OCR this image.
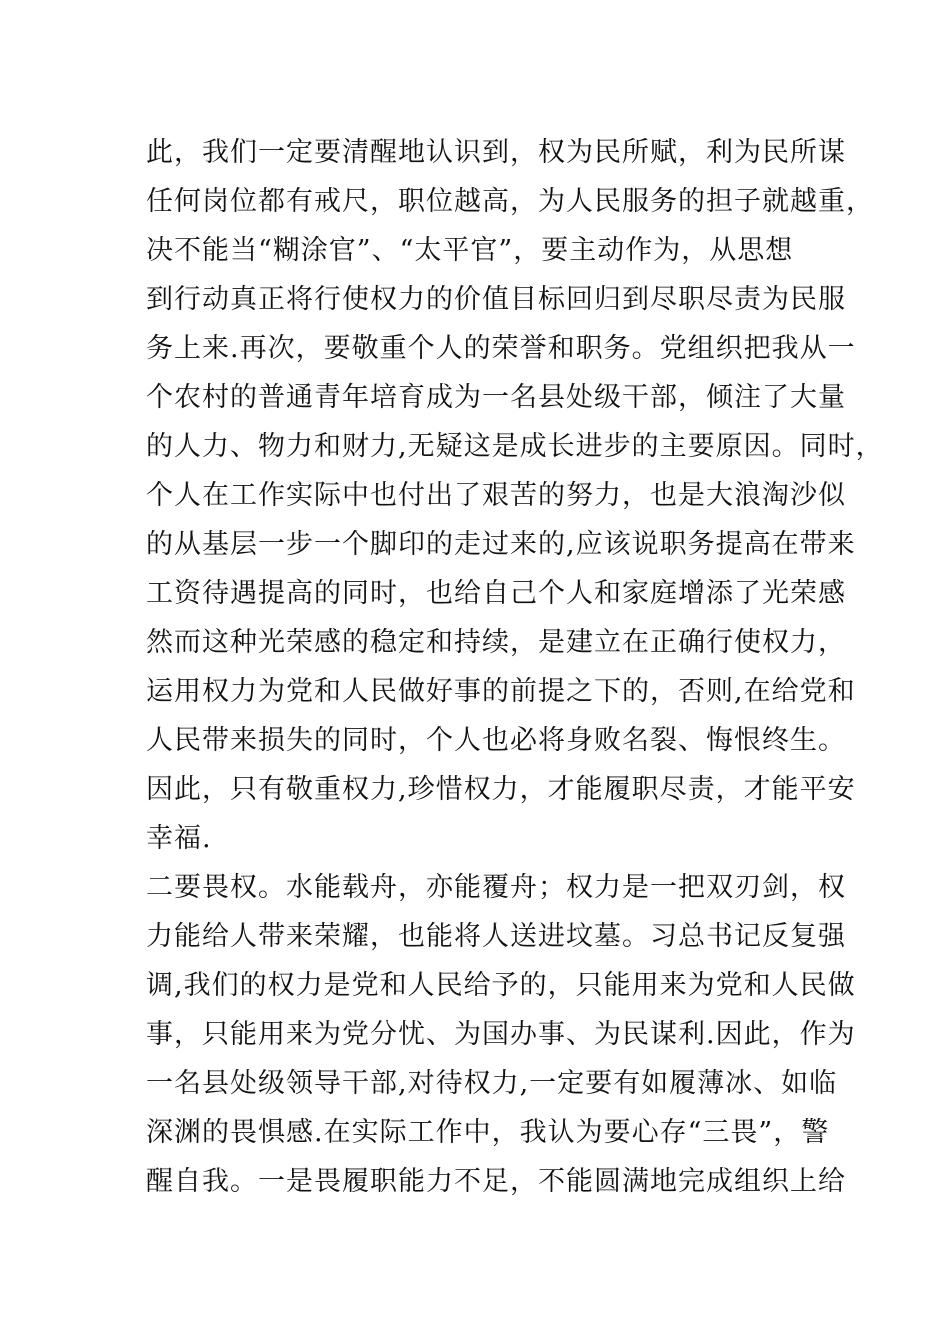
此，我们一定要清醒地认识到，权为民所赋，利为民所谋
任何岗位都有戒尺，职位越高，为人民服务的担子就越重，
决不能当“糊涂官”、“太平官”，要主动作为，从思想
到行动真正将行使权力的价值目标回归到尽职尽责为民服
务上来.再次，要敬重个人的荣誉和职务。党组织把我从一
个农村的普通青年培育成为一名县处级干部，倾注了大量
的人力、物力和财力,无疑这是成长进步的主要原因。同时，
个人在工作实际中也付出了艰苦的努力，也是大浪淘沙似
的从基层一步一个脚印的走过来的,应该说职务提高在带来
工资待遇提高的同时，也给自己个人和家庭增添了光荣感
然而这种光荣感的稳定和持续，是建立在正确行使权力，
运用权力为党和人民做好事的前提之下的，否则,在给党和
人民带来损失的同时，个人也必将身败名裂、悔恨终生。
因此，只有敬重权力,珍惜权力，才能履职尽责，才能平安
幸福.
二要畏权。水能载舟，亦能覆舟；权力是一把双刃剑，权
力能给人带来荣耀，也能将人送进坟墓。习总书记反复强
调,我们的权力是党和人民给予的，只能用来为党和人民做
事，只能用来为党分忧、为国办事、为民谋利.因此，作为
一名县处级领导干部,对待权力,一定要有如履薄冰、如临
深渊的畏惧感.在实际工作中，我认为要心存“三畏”，警
醒自我。一是畏履职能力不足，不能圆满地完成组织上给
